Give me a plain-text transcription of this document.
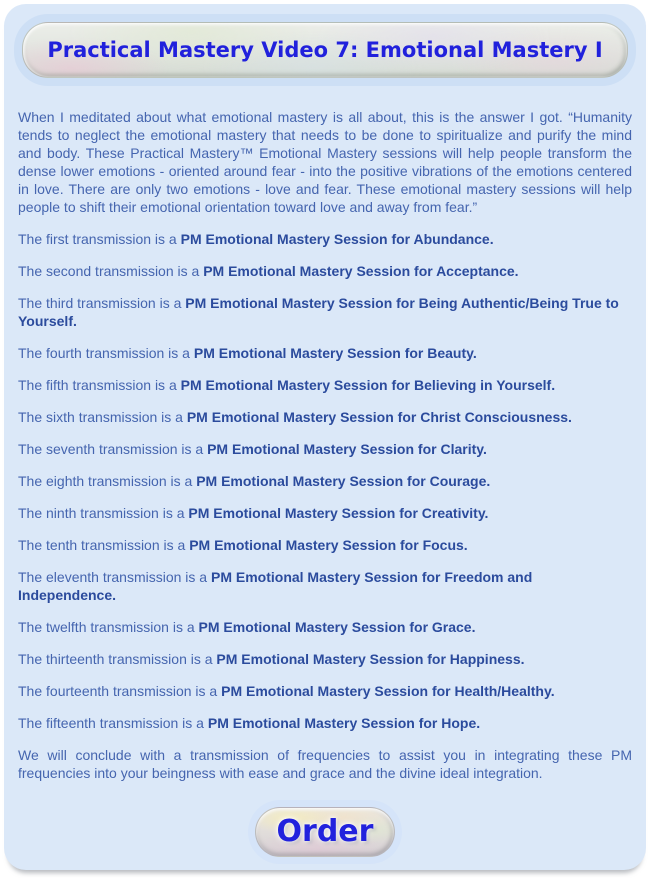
Practical Mastery Video 7: Emotional Mastery I

When I meditated about what emotional mastery is all about, this is the answer I got. “Humanity tends to neglect the emotional mastery that needs to be done to spiritualize and purify the mind and body. These Practical Mastery™ Emotional Mastery sessions will help people transform the dense lower emotions - oriented around fear - into the positive vibrations of the emotions centered in love. There are only two emotions - love and fear. These emotional mastery sessions will help people to shift their emotional orientation toward love and away from fear.”

The first transmission is a PM Emotional Mastery Session for Abundance.

The second transmission is a PM Emotional Mastery Session for Acceptance.

The third transmission is a PM Emotional Mastery Session for Being Authentic/Being True to Yourself.

The fourth transmission is a PM Emotional Mastery Session for Beauty.

The fifth transmission is a PM Emotional Mastery Session for Believing in Yourself.

The sixth transmission is a PM Emotional Mastery Session for Christ Consciousness.

The seventh transmission is a PM Emotional Mastery Session for Clarity.

The eighth transmission is a PM Emotional Mastery Session for Courage.

The ninth transmission is a PM Emotional Mastery Session for Creativity.

The tenth transmission is a PM Emotional Mastery Session for Focus.

The eleventh transmission is a PM Emotional Mastery Session for Freedom and Independence.

The twelfth transmission is a PM Emotional Mastery Session for Grace.

The thirteenth transmission is a PM Emotional Mastery Session for Happiness.

The fourteenth transmission is a PM Emotional Mastery Session for Health/Healthy.

The fifteenth transmission is a PM Emotional Mastery Session for Hope.

We will conclude with a transmission of frequencies to assist you in integrating these PM frequencies into your beingness with ease and grace and the divine ideal integration.

Order
